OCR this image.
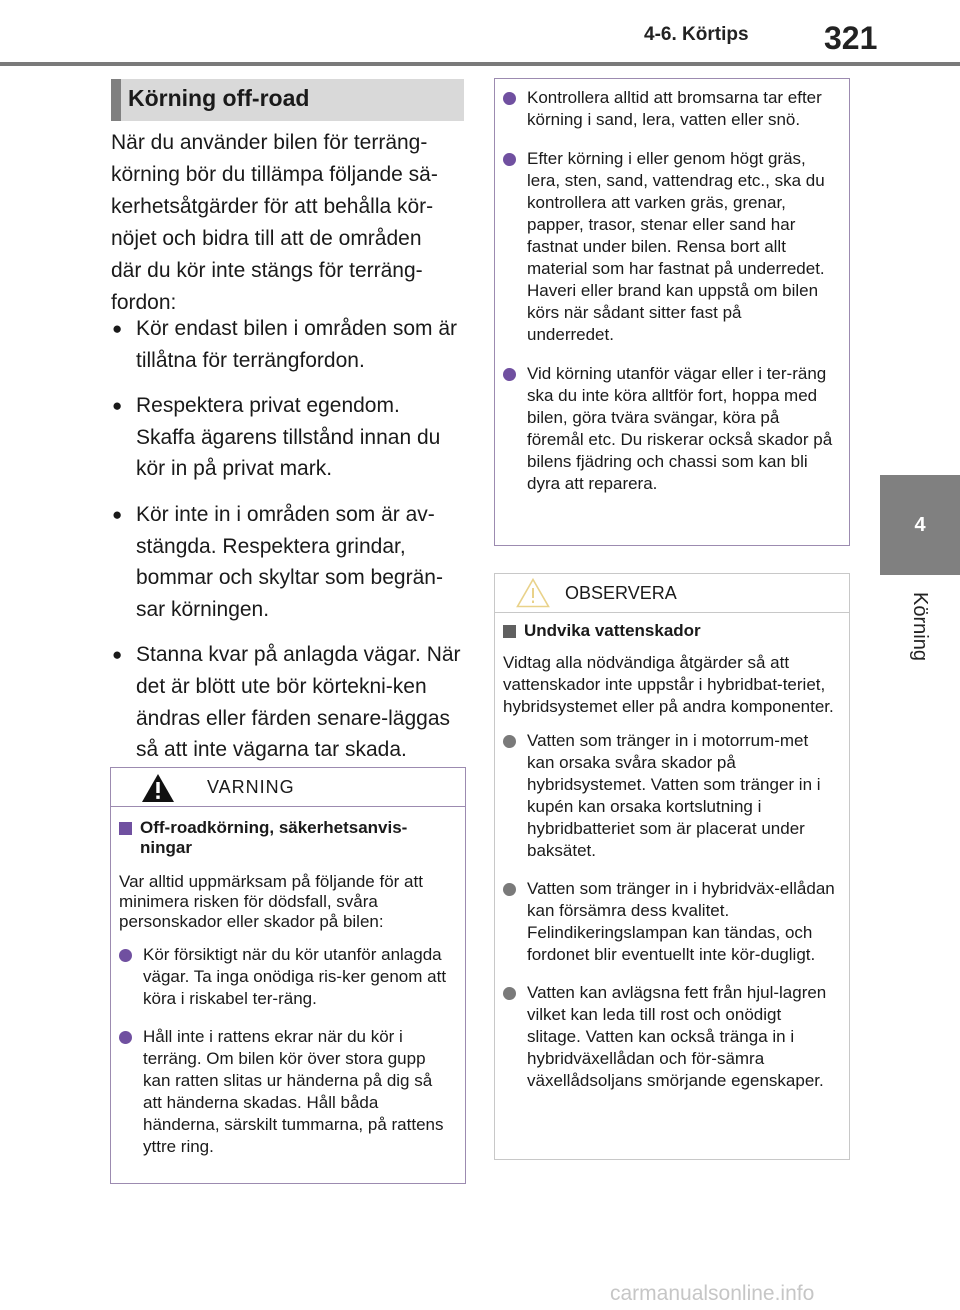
4-6. Körtips 321
4
Körning
Körning off-road
När du använder bilen för terräng-
körning bör du tillämpa följande sä-
kerhetsåtgärder för att behålla kör-
nöjet och bidra till att de områden
där du kör inte stängs för terräng-
fordon:
● Kör endast bilen i områden som är tillåtna för terrängfordon.
● Respektera privat egendom. Skaffa ägarens tillstånd innan du kör in på privat mark.
● Kör inte in i områden som är av-stängda. Respektera grindar, bommar och skyltar som begrän-sar körningen.
● Stanna kvar på anlagda vägar. När det är blött ute bör körtekni-ken ändras eller färden senare-läggas så att inte vägarna tar skada.
VARNING
Off-roadkörning, säkerhetsanvis-ningar
Var alltid uppmärksam på följande för att minimera risken för dödsfall, svåra personskador eller skador på bilen:
Kör försiktigt när du kör utanför anlagda vägar. Ta inga onödiga ris-ker genom att köra i riskabel ter-räng.
Håll inte i rattens ekrar när du kör i terräng. Om bilen kör över stora gupp kan ratten slitas ur händerna på dig så att händerna skadas. Håll båda händerna, särskilt tummarna, på rattens yttre ring.
Kontrollera alltid att bromsarna tar efter körning i sand, lera, vatten eller snö.
Efter körning i eller genom högt gräs, lera, sten, sand, vattendrag etc., ska du kontrollera att varken gräs, grenar, papper, trasor, stenar eller sand har fastnat under bilen. Rensa bort allt material som har fastnat på underredet. Haveri eller brand kan uppstå om bilen körs när sådant sitter fast på underredet.
Vid körning utanför vägar eller i ter-räng ska du inte köra alltför fort, hoppa med bilen, göra tvära svängar, köra på föremål etc. Du riskerar också skador på bilens fjädring och chassi som kan bli dyra att reparera.
OBSERVERA
Undvika vattenskador
Vidtag alla nödvändiga åtgärder så att vattenskador inte uppstår i hybridbat-teriet, hybridsystemet eller på andra komponenter.
Vatten som tränger in i motorrum-met kan orsaka svåra skador på hybridsystemet. Vatten som tränger in i kupén kan orsaka kortslutning i hybridbatteriet som är placerat under baksätet.
Vatten som tränger in i hybridväx-ellådan kan försämra dess kvalitet. Felindikeringslampan kan tändas, och fordonet blir eventuellt inte kör-dugligt.
Vatten kan avlägsna fett från hjul-lagren vilket kan leda till rost och onödigt slitage. Vatten kan också tränga in i hybridväxellådan och för-sämra växellådsoljans smörjande egenskaper.
carmanualsonline.info
